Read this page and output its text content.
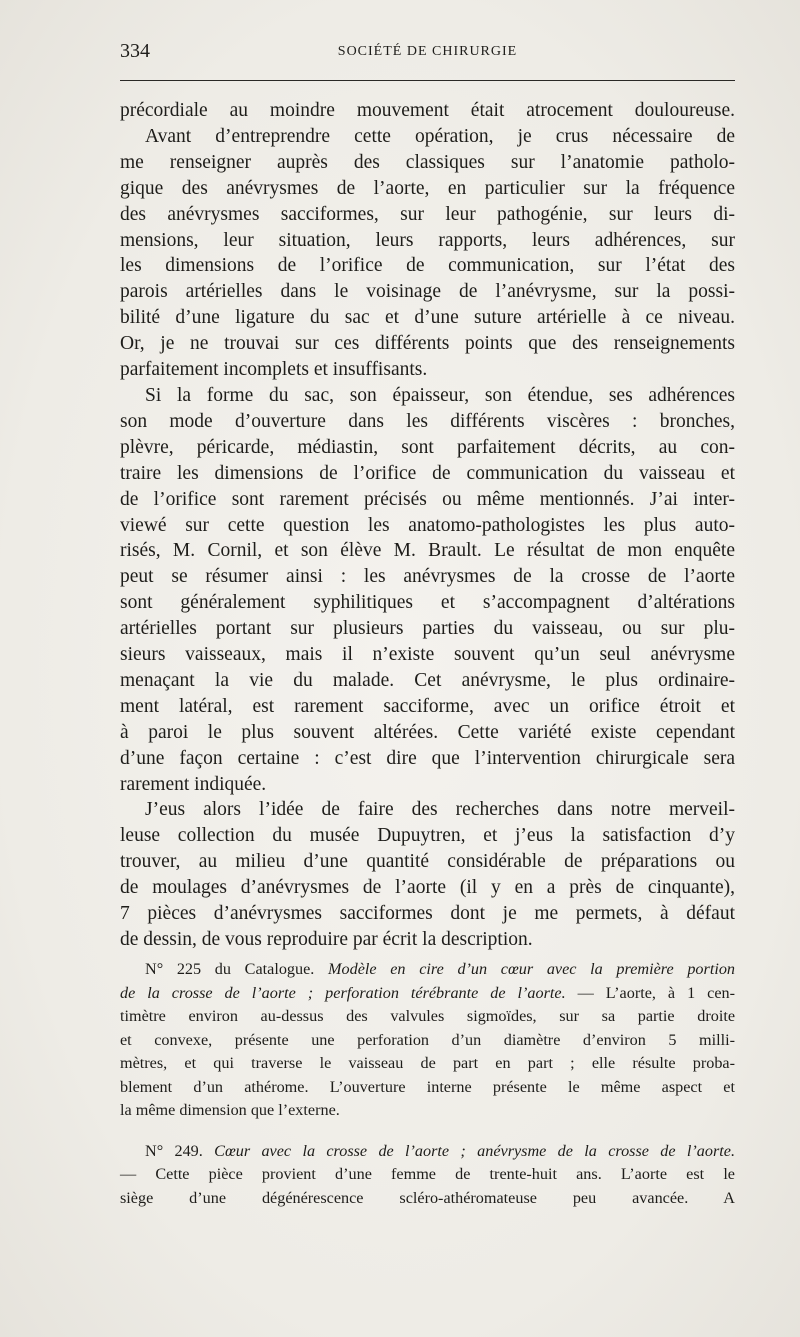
334	SOCIÉTÉ DE CHIRURGIE
précordiale au moindre mouvement était atrocement douloureuse.
Avant d’entreprendre cette opération, je crus nécessaire de
me renseigner auprès des classiques sur l’anatomie patholo-
gique des anévrysmes de l’aorte, en particulier sur la fréquence
des anévrysmes sacciformes, sur leur pathogénie, sur leurs di-
mensions, leur situation, leurs rapports, leurs adhérences, sur
les dimensions de l’orifice de communication, sur l’état des
parois artérielles dans le voisinage de l’anévrysme, sur la possi-
bilité d’une ligature du sac et d’une suture artérielle à ce niveau.
Or, je ne trouvai sur ces différents points que des renseignements
parfaitement incomplets et insuffisants.
Si la forme du sac, son épaisseur, son étendue, ses adhérences
son mode d’ouverture dans les différents viscères : bronches,
plèvre, péricarde, médiastin, sont parfaitement décrits, au con-
traire les dimensions de l’orifice de communication du vaisseau et
de l’orifice sont rarement précisés ou même mentionnés. J’ai inter-
viewé sur cette question les anatomo-pathologistes les plus auto-
risés, M. Cornil, et son élève M. Brault. Le résultat de mon enquête
peut se résumer ainsi : les anévrysmes de la crosse de l’aorte
sont généralement syphilitiques et s’accompagnent d’altérations
artérielles portant sur plusieurs parties du vaisseau, ou sur plu-
sieurs vaisseaux, mais il n’existe souvent qu’un seul anévrysme
menaçant la vie du malade. Cet anévrysme, le plus ordinaire-
ment latéral, est rarement sacciforme, avec un orifice étroit et
à paroi le plus souvent altérées. Cette variété existe cependant
d’une façon certaine : c’est dire que l’intervention chirurgicale sera
rarement indiquée.
J’eus alors l’idée de faire des recherches dans notre merveil-
leuse collection du musée Dupuytren, et j’eus la satisfaction d’y
trouver, au milieu d’une quantité considérable de préparations ou
de moulages d’anévrysmes de l’aorte (il y en a près de cinquante),
7 pièces d’anévrysmes sacciformes dont je me permets, à défaut
de dessin, de vous reproduire par écrit la description.
N° 225 du Catalogue. Modèle en cire d’un cœur avec la première portion
de la crosse de l’aorte ; perforation térébrante de l’aorte. — L’aorte, à 1 cen-
timètre environ au-dessus des valvules sigmoïdes, sur sa partie droite
et convexe, présente une perforation d’un diamètre d’environ 5 milli-
mètres, et qui traverse le vaisseau de part en part ; elle résulte proba-
blement d’un athérome. L’ouverture interne présente le même aspect et
la même dimension que l’externe.
N° 249. Cœur avec la crosse de l’aorte ; anévrysme de la crosse de l’aorte.
— Cette pièce provient d’une femme de trente-huit ans. L’aorte est le
siège d’une dégénérescence scléro-athéromateuse peu avancée. A
